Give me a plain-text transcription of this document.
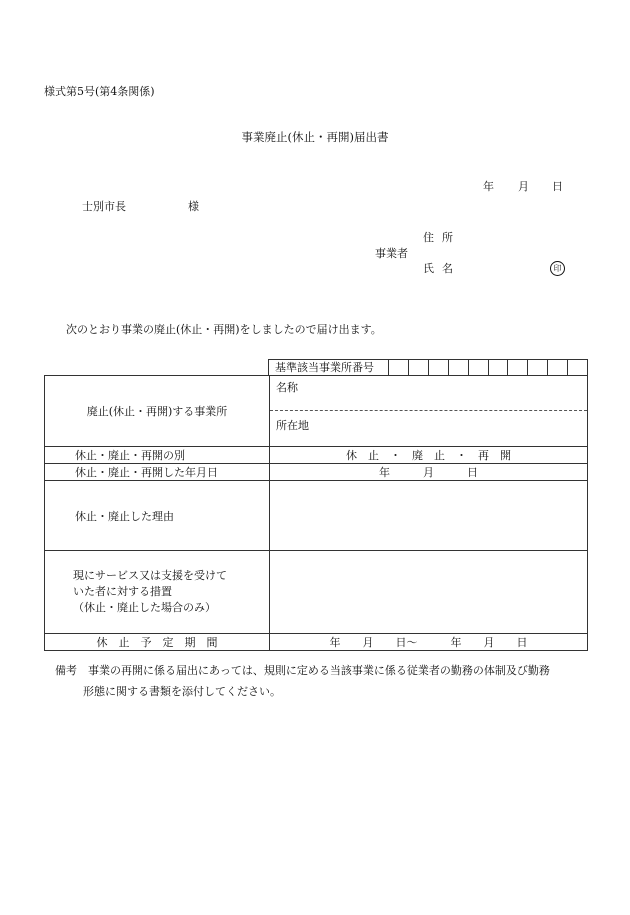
様式第5号(第4条関係)
事業廃止(休止・再開)届出書
年 月 日
士別市長	様
住所
事業者
氏名	印
次のとおり事業の廃止(休止・再開)をしましたので届け出ます。
基準該当事業所番号
廃止(休止・再開)する事業所	名称
所在地

休止・廃止・再開の別	休　止　・　廃　止　・　再　開
休止・廃止・再開した年月日	年　　　月　　　日
休止・廃止した理由	

現にサービス又は支援を受けて
いた者に対する措置
（休止・廃止した場合のみ）	

休　止　予　定　期　間	年　　月　　日～　　　年　　月　　日
備考　事業の再開に係る届出にあっては、規則に定める当該事業に係る従業者の勤務の体制及び勤務
形態に関する書類を添付してください。
